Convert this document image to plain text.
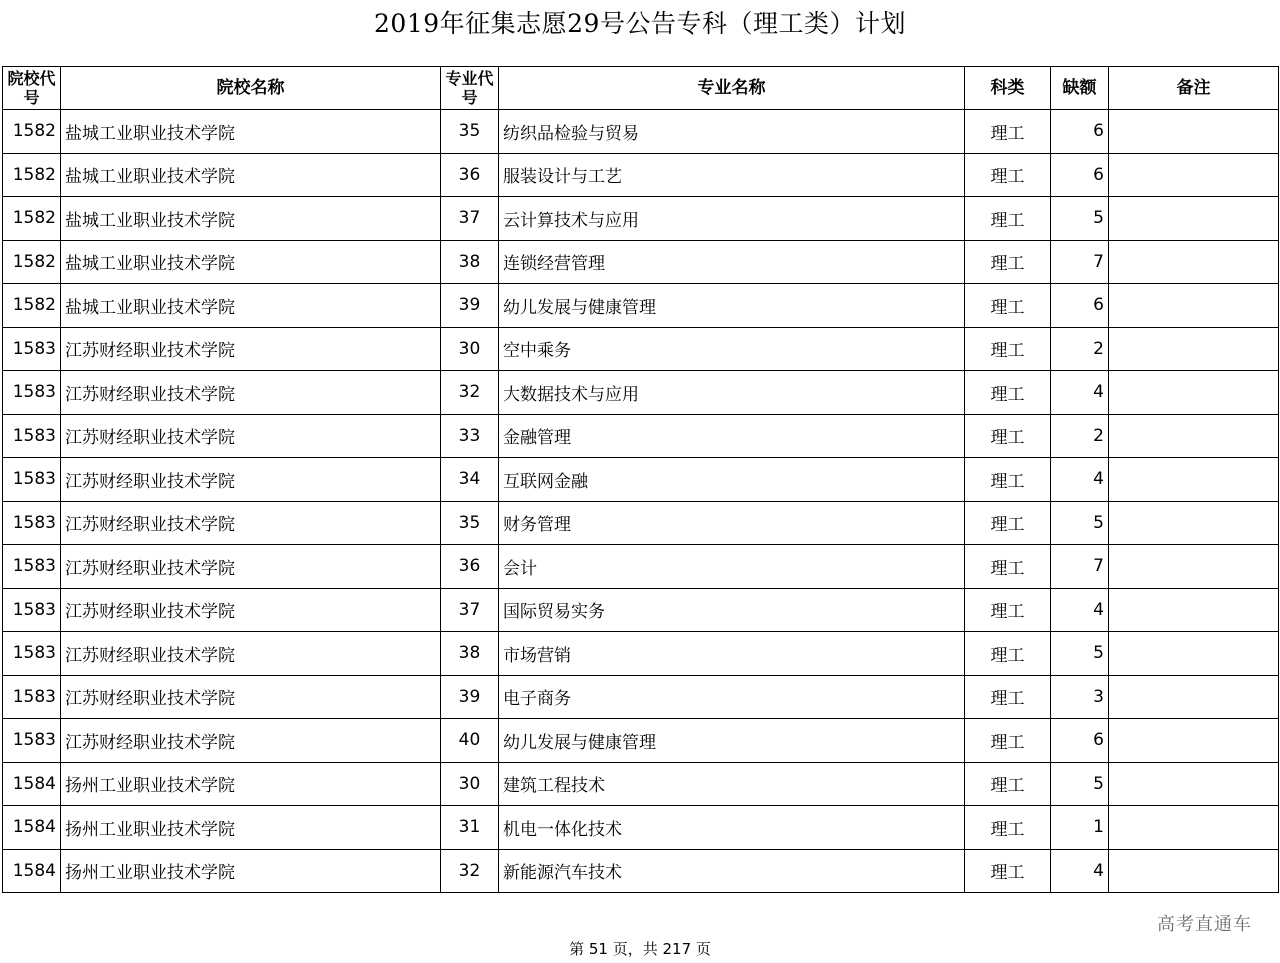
2019年征集志愿29号公告专科（理工类）计划
院校代号	院校名称	专业代号	专业名称	科类	缺额	备注
1582	盐城工业职业技术学院	35	纺织品检验与贸易	理工	6	
1582	盐城工业职业技术学院	36	服装设计与工艺	理工	6	
1582	盐城工业职业技术学院	37	云计算技术与应用	理工	5	
1582	盐城工业职业技术学院	38	连锁经营管理	理工	7	
1582	盐城工业职业技术学院	39	幼儿发展与健康管理	理工	6	
1583	江苏财经职业技术学院	30	空中乘务	理工	2	
1583	江苏财经职业技术学院	32	大数据技术与应用	理工	4	
1583	江苏财经职业技术学院	33	金融管理	理工	2	
1583	江苏财经职业技术学院	34	互联网金融	理工	4	
1583	江苏财经职业技术学院	35	财务管理	理工	5	
1583	江苏财经职业技术学院	36	会计	理工	7	
1583	江苏财经职业技术学院	37	国际贸易实务	理工	4	
1583	江苏财经职业技术学院	38	市场营销	理工	5	
1583	江苏财经职业技术学院	39	电子商务	理工	3	
1583	江苏财经职业技术学院	40	幼儿发展与健康管理	理工	6	
1584	扬州工业职业技术学院	30	建筑工程技术	理工	5	
1584	扬州工业职业技术学院	31	机电一体化技术	理工	1	
1584	扬州工业职业技术学院	32	新能源汽车技术	理工	4	
高考直通车
第 51 页，共 217 页
